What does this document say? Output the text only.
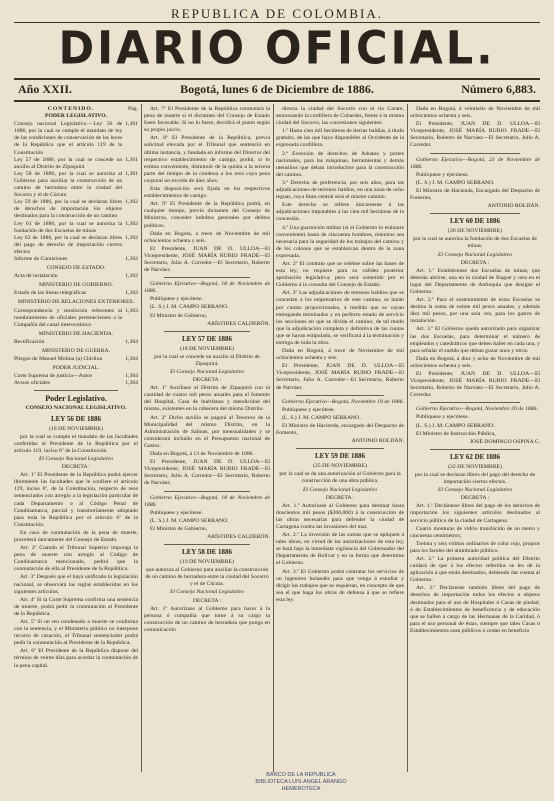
REPUBLICA DE COLOMBIA.
DIARIO OFICIAL.
Año XXII.	Bogotá, lunes 6 de Diciembre de 1886.	Número 6,883.
CONTENIDO.	Pág.

PODER LEGISLATIVO.

Consejo nacional Legislativo.—Ley 56 de 1886, por la cual se cumple el mandato de ley de las condiciones de conservación de las leyes de la República que el artículo 119 de la Constitución
1,301
Ley 57 de 1886, por la cual se concede un auxilio al Distrito de Zipaquirá
1,301
Ley 58 de 1886, por la cual se autoriza al Gobierno para auxiliar la construcción de un camino de herradura entre la ciudad del Socorro y el de Cúcuta
1,301
Ley 59 de 1886, por la cual se declaran libres de derechos de importación los objetos destinados para la construcción de un camino
1,302
Ley 61 de 1886, por la cual se autoriza la fundación de dos Escuelas de minas
1,302
Ley 62 de 1886, por la cual se declaran libres del pago de derecho de importación ciertos efectos
1,302
Informe de Comisiones	1,302

CONSEJO DE ESTADO.

Acta de instalación	1,302

MINISTERIO DE GOBIERNO.

Estado de las líneas telegráficas	1,302

MINISTERIO DE RELACIONES EXTERIORES.

Correspondencia y resolución referentes al nombramiento de oficiales pertenecientes a la Compañía del canal interoceánico
1,303

MINISTERIO DE HACIENDA.

Rectificación	1,304

MINISTERIO DE GUERRA.

Pliegos de Manuel Molina (a) Chiriloa	1,304

PODER JUDICIAL.

Corte Suprema de justicia—Autos	1,304
Avisos oficiales	1,304

Poder Legislativo.

CONSEJO NACIONAL LEGISLATIVO.

LEY 56 DE 1886

(18 DE NOVIEMBRE)

por la cual se cumple el mandato de las facultades conferidas al Presidente de la República por el artículo 119, inciso 6º de la Constitución.

El Consejo Nacional Legislativo

DECRETA :

Art. 1º El Presidente de la República podrá ejercer libremente las facultades que le confiere el artículo 119, inciso 6º, de la Constitución, respecto de reos sentenciados con arreglo a la legislación particular de cada Departamento o al Código Penal de Cundinamarca, parcial y transitoriamente adoptado para toda la República por el artículo 6º de la Constitución.

En caso de conmutación de la pena de muerte, procederá únicamente del Consejo de Estado.

Art. 2º Cuando el Tribunal Superior imponga la pena de muerte con arreglo al Código de Cundinamarca mencionado, pedirá que la conmutación de ella al Presidente de la República.

Art. 3º Después que el haya unificado la legislación nacional, se observará las reglas establecidas en los siguientes artículos.

Art. 4º Si la Corte Suprema confirma una sentencia de muerte, podrá pedir la conmutación al Presidente de la República.

Art. 5º Si un reo condenado a muerte se conforma con la sentencia, y el Ministerio público no interpone recurso de casación, el Tribunal sentenciador podrá pedir la conmutación al Presidente de la República.

Art. 6º El Presidente de la República dispone del término de veinte días para acordar la conmutación de la pena capital.

Art. 7º El Presidente de la República conmutará la pena de muerte si el dictamen del Consejo de Estado fuere favorable. Si no lo fuere, decidirá el punto según su propio juicio.

Art. 8º El Presidente de la República, previa solicitud elevada por el Tribunal que sentenció en última instancia, y fundada en informe del Director del respectivo establecimiento de castigo, podrá, si lo estima conveniente, disminuir de la quinta a la tercera parte del tiempo de la condena a los reos cuya pena corporal no exceda de diez años.

Esta disposición será fijada en los respectivos establecimientos de castigo.

Art. 9º El Presidente de la República podrá, en cualquier tiempo, previo dictamen del Consejo de Ministros, conceder indultos generales por delitos políticos.

Dada en Bogotá, a trece de Noviembre de mil ochocientos ochenta y seis.

El Presidente, JUAN DE D. ULLOA—El Vicepresidente, JOSÉ MARÍA RUBIO FRADE—El Secretario, Julio A. Corredor—El Secretario, Roberto de Narváez.

Gobierno Ejecutivo—Bogotá, 18 de Noviembre de 1886.

Publíquese y ejecútese.

(L. S.) J. M. CAMPO SERRANO.

El Ministro de Gobierno,

ARÍSTIDES CALDERÓN.

LEY 57 DE 1886

(18 DE NOVIEMBRE)

por la cual se concede un auxilio al Distrito de Zipaquirá.

El Consejo Nacional Legislativo

DECRETA :

Art. 1º Auxíliase al Distrito de Zipaquirá con la cantidad de cuatro mil pesos anuales para el fomento del Hospital, Casa de huérfanos y mendicidad del mismo, existentes en la cabecera del mismo Distrito.

Art. 2º Dicho auxilio se pagará al Tesorero de la Municipalidad del mismo Distrito, en la Administración de Salinas, por mensualidades y se considerará incluido en el Presupuesto nacional de Gastos.

Dada en Bogotá, á 13 de Noviembre de 1886.

El Presidente, JUAN DE D. ULLOA—El Vicepresidente, JOSÉ MARÍA RUBIO FRADE—El Secretario, Julio A. Corredor—El Secretario, Roberto de Narváez.

Gobierno Ejecutivo—Bogotá, 18 de Noviembre de 1886.

Publíquese y ejecútese.

(L. S.) J. M. CAMPO SERRANO.

El Ministro de Gobierno,

ARÍSTIDES CALDERÓN.

LEY 58 DE 1886

(19 DE NOVIEMBRE)

que autoriza al Gobierno para auxiliar la construcción de un camino de herradura entre la ciudad del Socorro y el de Cúcuta.

El Consejo Nacional Legislativo

DECRETA :

Art. 1º Autorízase al Gobierno para hacer á la persona ó compañía que tome á su cargo la construcción de un camino de herradura que ponga en comunicación

directa la ciudad del Socorro con el río Carare, atravesando la cordillera de Cobardes, frente á la misma ciudad del Socorro, las concesiones siguientes:

1.ª Hasta cien mil hectáreas de tierras baldías, á título gratuito, de las que haya disponibles al Occidente de la expresada cordillera.

2.ª Exención de derechos de Aduana y portes nacionales, para las máquinas, herramientas y demás utensilios que deban introducirse para la construcción del camino.

3.ª Derecho de preferencia, por seis años, para las adjudicaciones de terrenos baldíos, en una zona de ocho leguas, cuya línea central será el mismo camino.

Este derecho se refiere únicamente á las adjudicaciones imputables á las cien mil hectáreas de la concesión.

4.ª Una guarnición militar (si el Gobierno lo estimare conveniente) hasta de cincuenta hombres, mientras sea necesaria para la seguridad de los trabajos del camino y de los colonos que se establezcan dentro de la zona expresada.

Art. 2º El contrato que se celebre sobre las bases de esta ley, no requiere para su validez posterior aprobación legislativa; pero será sometido por el Gobierno á la consulta del Consejo de Estado.

Art. 3º Las adjudicaciones de terrenos baldíos que se concedan á los empresarios de este camino, se harán por cuotas proporcionales, á medida que se vayan entregando terminados y en perfecto estado de servicio los secciones en que se divida el camino; de tal modo que la adjudicación completa y definitiva de las cuotas que se hayan estipulado, se verificará á la terminación y entrega de toda la obra.

Dada en Bogotá, á trece de Noviembre de mil ochocientos ochenta y seis.

El Presidente, JUAN DE D. ULLOA—El Vicepresidente, JOSÉ MARÍA RUBIO FRADE—El Secretario, Julio A. Corredor—El Secretario, Roberto de Narváez.

Gobierno Ejecutivo—Bogotá, Noviembre 19 de 1886.

Publíquese y ejecútese.

(L. S.) J. M. CAMPO SERRANO.

El Ministro de Hacienda, encargado del Despacho de Fomento,

ANTONIO ROLDÁN.

LEY 59 DE 1886

(25 DE NOVIEMBRE)

por la cual se da una autorización al Gobierno para la construcción de una obra pública.

El Consejo Nacional Legislativo

DECRETA :

Art. 1.º Autorízase al Gobierno para destinar hasta doscientos mil pesos ($200,000) á la construcción de las obras necesarias para defender la ciudad de Cartagena contra las invasiones del mar.

Art. 2.º La inversión de las sumas que se apliquen á tales obras, en virtud de las autorizaciones de esta ley, se hará bajo la inmediata vigilancia del Gobernador del Departamento de Bolívar y en la forma que determine el Gobierno.

Art. 3.º El Gobierno podrá contratar los servicios de un ingeniero holandés para que venga á estudiar y dirigir los trabajos que se requieran, en concepto de que sea el que haga los obras de defensa á que se refiere esta ley.

Dada en Bogotá, á veintiséis de Noviembre de mil ochocientos ochenta y seis.

El Presidente, JUAN DE D. ULLOA—El Vicepresidente, JOSÉ MARÍA RUBIO FRADE—El Secretario, Roberto de Narváez—El Secretario, Julio A. Corredor.

Gobierno Ejecutivo—Bogotá, 23 de Noviembre de 1886.

Publíquese y ejecútese.

(L. S.) J. M. CAMPO SERRANO.

El Ministro de Hacienda, Encargado del Despacho de Fomento,

ANTONIO ROLDÁN.

LEY 60 DE 1886

(20 DE NOVIEMBRE)

por la cual se autoriza la fundación de dos Escuelas de minas.

El Consejo Nacional Legislativo

DECRETA :

Art. 1.º Establécense dos Escuelas de minas, que deberán abrirse, una en la ciudad de Ibagué y otra en el lugar del Departamento de Antioquia que designe el Gobierno.

Art. 2.º Para el sostenimiento de estas Escuelas se destina la suma de veinte mil pesos anuales, y además diez mil pesos, por una sola vez, para los gastos de instalación.

Art. 3.º El Gobierno queda autorizado para organizar las dos Escuelas, para determinar el número de empleados y catedráticos que deben haber en cada una, y para señalar el sueldo que deban gozar unos y otros.

Dada en Bogotá, á diez y ocho de Noviembre de mil ochocientos ochenta y seis.

El Presidente, JUAN DE D. ULLOA—El Vicepresidente, JOSÉ MARÍA RUBIO FRADE—El Secretario, Roberto de Narváez—El Secretario, Julio A. Corredor.

Gobierno Ejecutivo—Bogotá, Noviembre 20 de 1886.

Publíquese y ejecútese.

(L. S.) J. M. CAMPO SERRANO.

El Ministro de Instrucción Pública,

JOSÉ DOMINGO OSPINA C.

LEY 62 DE 1886

(22 DE NOVIEMBRE)

por la cual se declaran libres del pago del derecho de importación ciertos efectos.

El Consejo Nacional Legislativo

DECRETA :

Art. 1.º Decláranse libres del pago de los derechos de importación los siguientes artículos destinados al servicio público de la ciudad de Cartagena:

Cuatro monturas de vidrio translúcido de un metro y cincuenta centímetros;

Treinta y seis vidrios ordinarios de color rojo, propios para los faroles del alumbrado público.

Art. 2.º La primera autoridad política del Distrito cuidará de que á los efectos referidos se les dé la aplicación á que están destinados, debiendo dar cuenta al Gobierno.

Art. 3.º Declárense también libres del pago de derechos de importación todos los efectos u objetos destinados para el uso de Hospitales ó Casas de piedad, ó de Establecimientos de beneficencia y de educación que se hallen á cargo de las Hermanas de la Caridad, ó para el uso personal de éstas, siempre que tales Casas ó Establecimientos sean públicos ó cedan en beneficio

BANCO DE LA REPUBLICA
BIBLIOTECA LUIS-ANGEL ARANGO
HEMEROTECA
